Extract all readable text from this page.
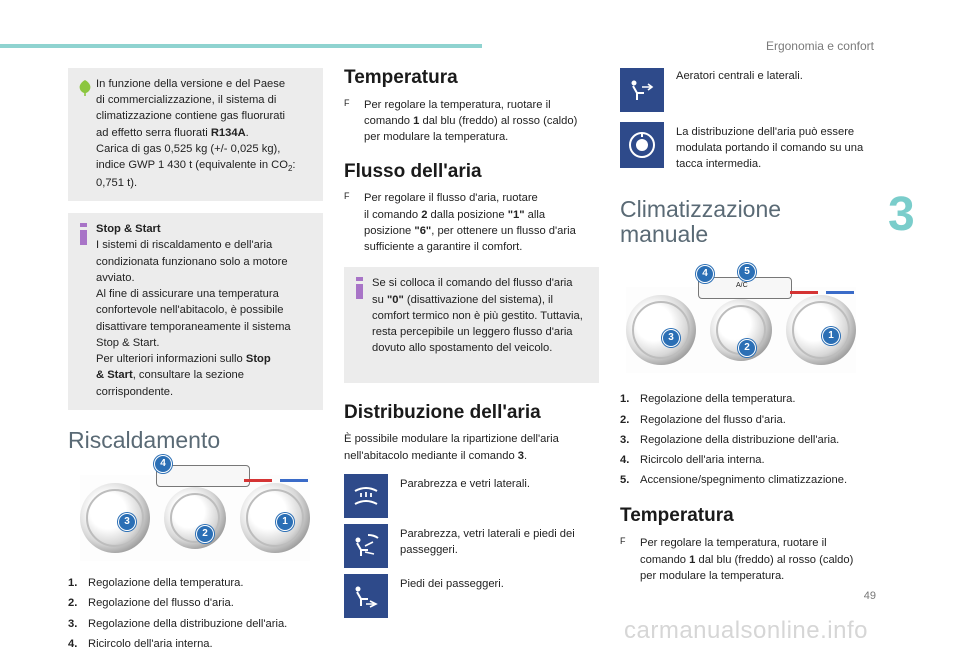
Ergonomia e confort
3
49

In funzione della versione e del Paese

di commercializzazione, il sistema di

climatizzazione contiene gas fluorurati

ad effetto serra fluorati R134A.

Carica di gas 0,525 kg (+/- 0,025 kg),

indice GWP 1 430 t (equivalente in $CO_2$:

0,751 t).

Stop & Start

I sistemi di riscaldamento e dell'aria

condizionata funzionano solo a motore

avviato.

Al fine di assicurare una temperatura

confortevole nell'abitacolo, è possibile

disattivare temporaneamente il sistema

Stop & Start.

Per ulteriori informazioni sullo Stop

& Start, consultare la sezione

corrispondente.

Riscaldamento
4
3
2
1
1. Regolazione della temperatura.
2. Regolazione del flusso d'aria.
3. Regolazione della distribuzione dell'aria.
4. Ricircolo dell'aria interna.
Temperatura
F Per regolare la temperatura, ruotare il

comando 1 dal blu (freddo) al rosso (caldo)

per modulare la temperatura.

Flusso dell'aria
F Per regolare il flusso d'aria, ruotare

il comando 2 dalla posizione "1" alla

posizione "6", per ottenere un flusso d'aria

sufficiente a garantire il comfort.

Se si colloca il comando del flusso d'aria

su "0" (disattivazione del sistema), il

comfort termico non è più gestito. Tuttavia,

resta percepibile un leggero flusso d'aria

dovuto allo spostamento del veicolo.

Distribuzione dell'aria

È possibile modulare la ripartizione dell'aria

nell'abitacolo mediante il comando 3.

Parabrezza e vetri laterali.

Parabrezza, vetri laterali e piedi dei passeggeri.

Piedi dei passeggeri.

Aeratori centrali e laterali.

La distribuzione dell'aria può essere modulata portando il comando su una tacca intermedia.

Climatizzazione manuale
A/C
4	5
3
2
1
1. Regolazione della temperatura.
2. Regolazione del flusso d'aria.
3. Regolazione della distribuzione dell'aria.
4. Ricircolo dell'aria interna.
5. Accensione/spegnimento climatizzazione.
Temperatura
F Per regolare la temperatura, ruotare il

comando 1 dal blu (freddo) al rosso (caldo)

per modulare la temperatura.

carmanualsonline.info
